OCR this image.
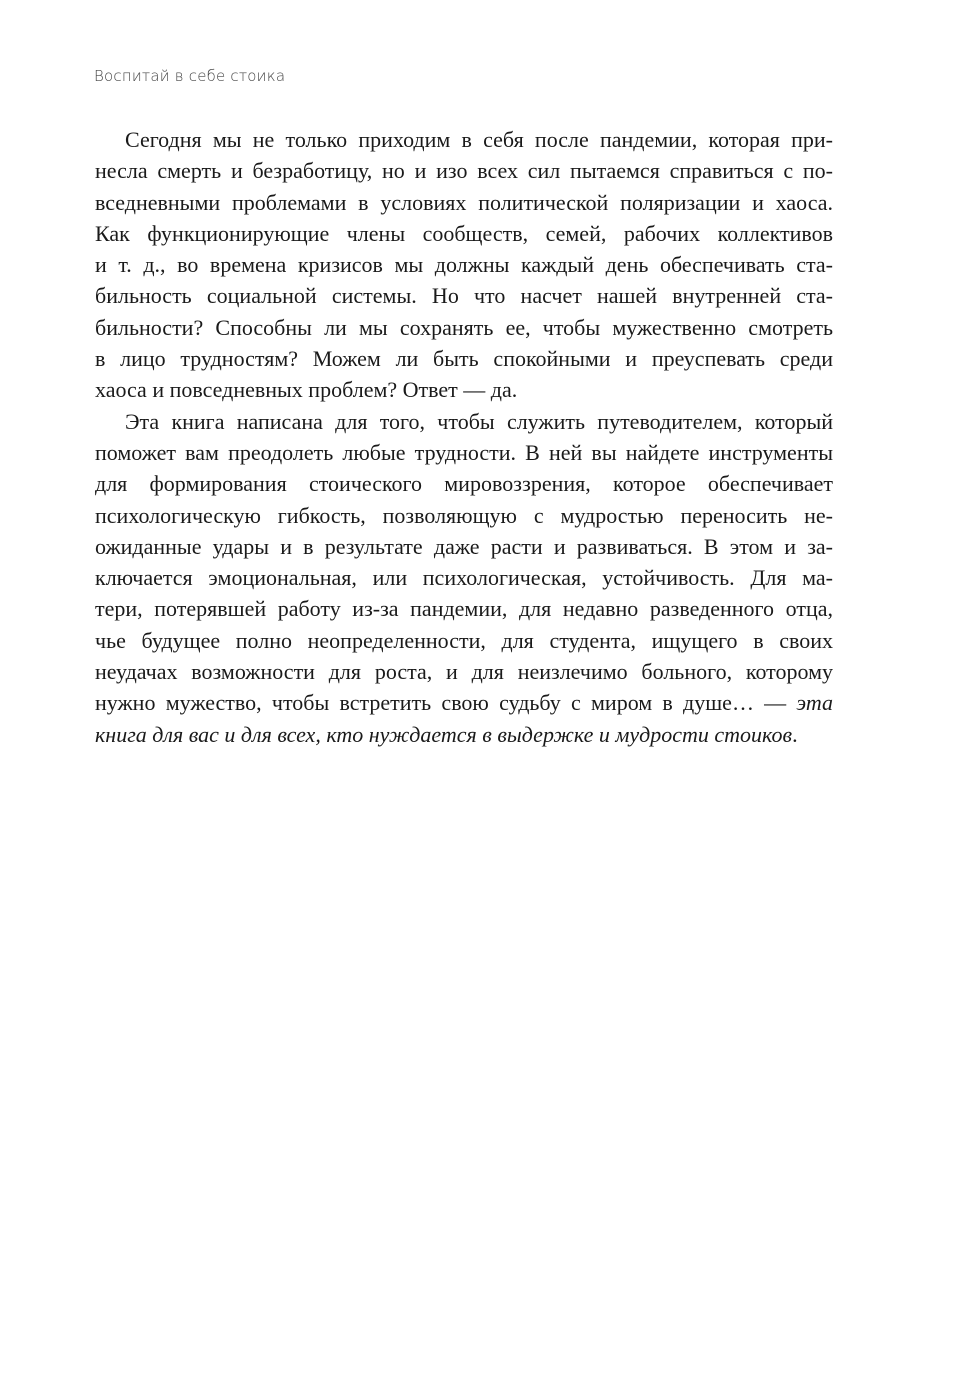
Воспитай в себе стоика
Сегодня мы не только приходим в себя после пандемии, которая при-
несла смерть и безработицу, но и изо всех сил пытаемся справиться с по-
вседневными проблемами в условиях политической поляризации и хаоса.
Как функционирующие члены сообществ, семей, рабочих коллективов
и т. д., во времена кризисов мы должны каждый день обеспечивать ста-
бильность социальной системы. Но что насчет нашей внутренней ста-
бильности? Способны ли мы сохранять ее, чтобы мужественно смотреть
в лицо трудностям? Можем ли быть спокойными и преуспевать среди
хаоса и повседневных проблем? Ответ — да.
Эта книга написана для того, чтобы служить путеводителем, который
поможет вам преодолеть любые трудности. В ней вы найдете инструменты
для формирования стоического мировоззрения, которое обеспечивает
психологическую гибкость, позволяющую с мудростью переносить не-
ожиданные удары и в результате даже расти и развиваться. В этом и за-
ключается эмоциональная, или психологическая, устойчивость. Для ма-
тери, потерявшей работу из-за пандемии, для недавно разведенного отца,
чье будущее полно неопределенности, для студента, ищущего в своих
неудачах возможности для роста, и для неизлечимо больного, которому
нужно мужество, чтобы встретить свою судьбу с миром в душе… — эта
книга для вас и для всех, кто нуждается в выдержке и мудрости стоиков.
